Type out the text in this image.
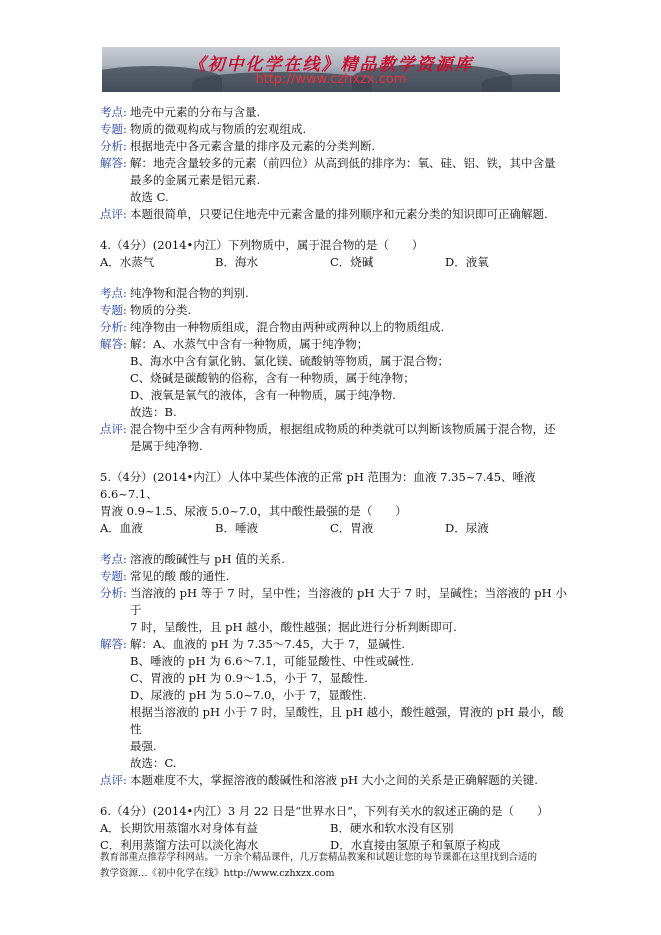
《初中化学在线》精品教学资源库
http://www.czhxzx.com
考点: 地壳中元素的分布与含量.
专题: 物质的微观构成与物质的宏观组成.
分析: 根据地壳中各元素含量的排序及元素的分类判断.
解答: 解：地壳含量较多的元素（前四位）从高到低的排序为：氧、硅、铝、铁，其中含量
最多的金属元素是铝元素.
故选 C.
点评: 本题很简单，只要记住地壳中元素含量的排列顺序和元素分类的知识即可正确解题.
4.（4分）(2014•内江）下列物质中，属于混合物的是（　　）
A．水蒸气	B．海水	C．烧碱	D．液氧
考点: 纯净物和混合物的判别.
专题: 物质的分类.
分析: 纯净物由一种物质组成，混合物由两种或两种以上的物质组成.
解答: 解：A、水蒸气中含有一种物质，属于纯净物；
B、海水中含有氯化钠、氯化镁、硫酸钠等物质，属于混合物；
C、烧碱是碳酸钠的俗称，含有一种物质，属于纯净物；
D、液氧是氧气的液体，含有一种物质，属于纯净物.
故选：B.
点评: 混合物中至少含有两种物质，根据组成物质的种类就可以判断该物质属于混合物，还
是属于纯净物.
5.（4分）(2014•内江）人体中某些体液的正常 pH 范围为：血液 7.35~7.45、唾液 6.6~7.1、
胃液 0.9~1.5、尿液 5.0~7.0，其中酸性最强的是（　　）
A．血液	B．唾液	C．胃液	D．尿液
考点: 溶液的酸碱性与 pH 值的关系.
专题: 常见的酸 酸的通性.
分析: 当溶液的 pH 等于 7 时，呈中性；当溶液的 pH 大于 7 时，呈碱性；当溶液的 pH 小于
7 时，呈酸性，且 pH 越小，酸性越强；据此进行分析判断即可.
解答: 解：A、血液的 pH 为 7.35～7.45，大于 7，显碱性.
B、唾液的 pH 为 6.6～7.1，可能显酸性、中性或碱性.
C、胃液的 pH 为 0.9～1.5，小于 7，显酸性.
D、尿液的 pH 为 5.0~7.0，小于 7，显酸性.
根据当溶液的 pH 小于 7 时，呈酸性，且 pH 越小，酸性越强，胃液的 pH 最小，酸性
最强.
故选：C.
点评: 本题难度不大，掌握溶液的酸碱性和溶液 pH 大小之间的关系是正确解题的关键.
6.（4分）(2014•内江）3 月 22 日是“世界水日”，下列有关水的叙述正确的是（　　）
A．长期饮用蒸馏水对身体有益	B．硬水和软水没有区别
C．利用蒸馏方法可以淡化海水	D．水直接由氢原子和氧原子构成
教育部重点推荐学科网站。一万余个精品课件，几万套精品教案和试题让您的每节课都在这里找到合适的
教学资源…《初中化学在线》http://www.czhxzx.com
